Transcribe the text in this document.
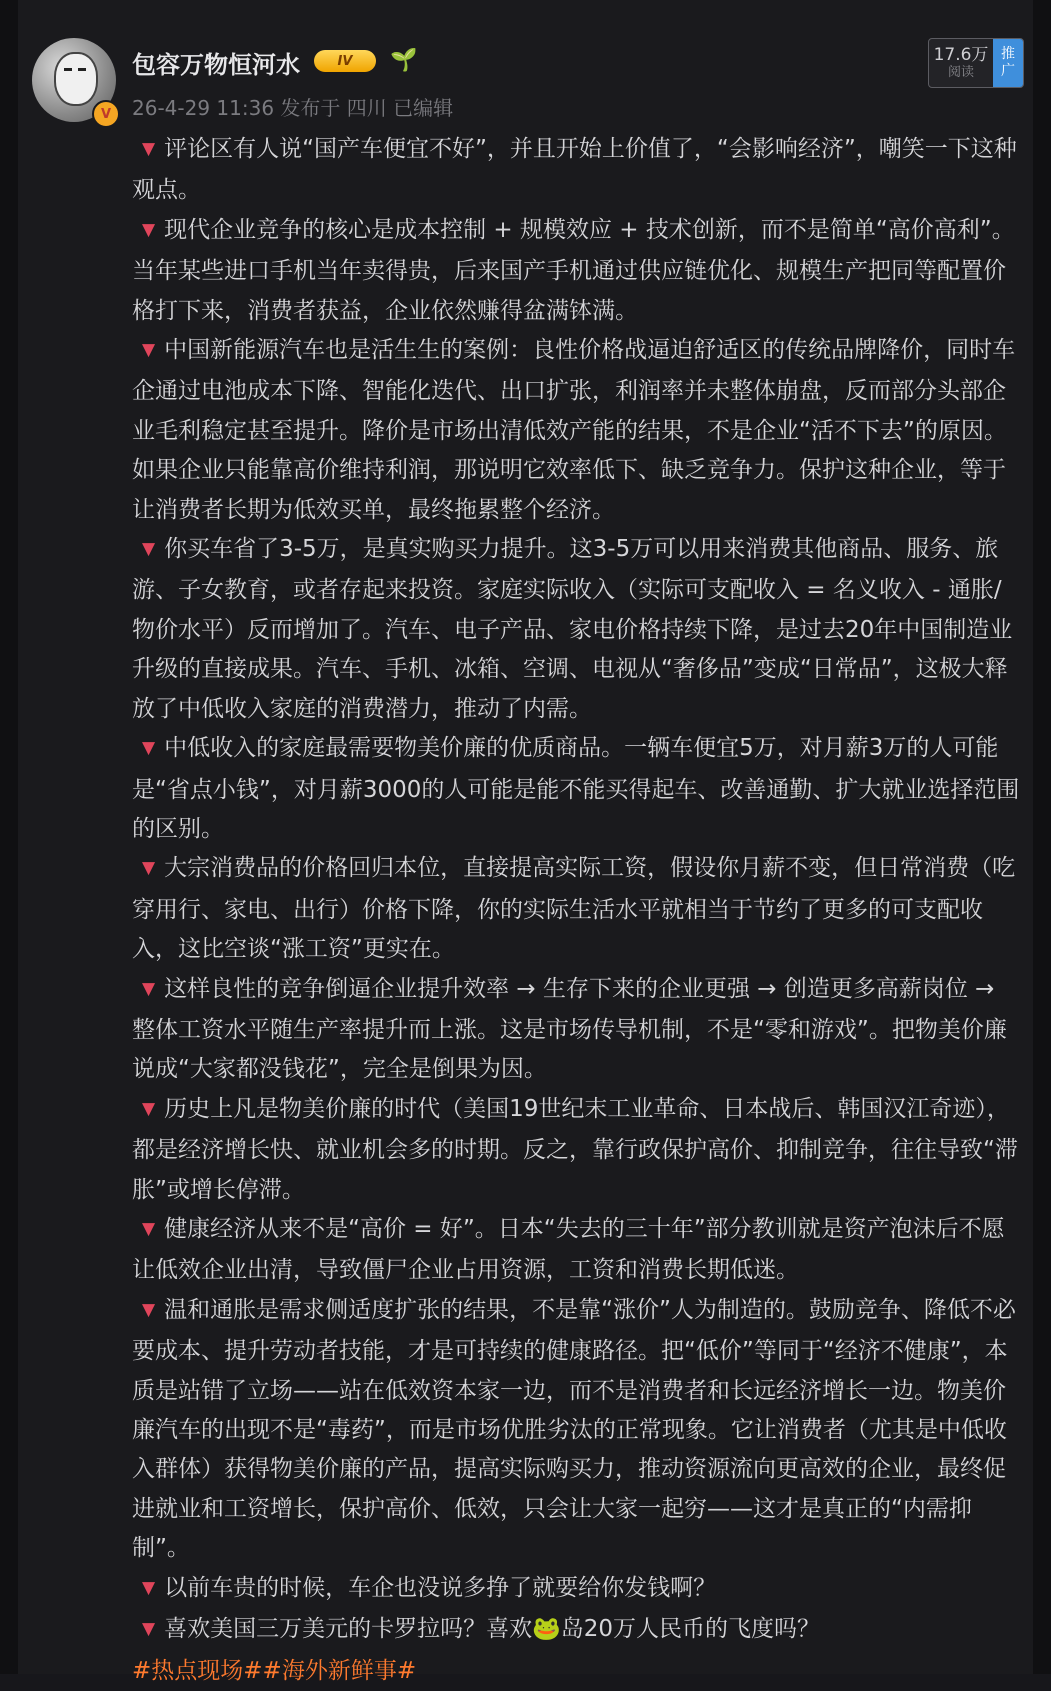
V
包容万物恒河水	IV 🌱
26-4-29 11:36 发布于 四川 已编辑
17.6万
阅读
推广
▼ 评论区有人说“国产车便宜不好”，并且开始上价值了，“会影响经济”，嘲笑一下这种观点。
▼ 现代企业竞争的核心是成本控制 + 规模效应 + 技术创新，而不是简单“高价高利”。当年某些进口手机当年卖得贵，后来国产手机通过供应链优化、规模生产把同等配置价格打下来，消费者获益，企业依然赚得盆满钵满。
▼ 中国新能源汽车也是活生生的案例：良性价格战逼迫舒适区的传统品牌降价，同时车企通过电池成本下降、智能化迭代、出口扩张，利润率并未整体崩盘，反而部分头部企业毛利稳定甚至提升。降价是市场出清低效产能的结果，不是企业“活不下去”的原因。如果企业只能靠高价维持利润，那说明它效率低下、缺乏竞争力。保护这种企业，等于让消费者长期为低效买单，最终拖累整个经济。
▼ 你买车省了3-5万，是真实购买力提升。这3-5万可以用来消费其他商品、服务、旅游、子女教育，或者存起来投资。家庭实际收入（实际可支配收入 = 名义收入 - 通胀/物价水平）反而增加了。汽车、电子产品、家电价格持续下降，是过去20年中国制造业升级的直接成果。汽车、手机、冰箱、空调、电视从“奢侈品”变成“日常品”，这极大释放了中低收入家庭的消费潜力，推动了内需。
▼ 中低收入的家庭最需要物美价廉的优质商品。一辆车便宜5万，对月薪3万的人可能是“省点小钱”，对月薪3000的人可能是能不能买得起车、改善通勤、扩大就业选择范围的区别。
▼ 大宗消费品的价格回归本位，直接提高实际工资，假设你月薪不变，但日常消费（吃穿用行、家电、出行）价格下降，你的实际生活水平就相当于节约了更多的可支配收入，这比空谈“涨工资”更实在。
▼ 这样良性的竞争倒逼企业提升效率 → 生存下来的企业更强 → 创造更多高薪岗位 → 整体工资水平随生产率提升而上涨。这是市场传导机制，不是“零和游戏”。把物美价廉说成“大家都没钱花”，完全是倒果为因。
▼ 历史上凡是物美价廉的时代（美国19世纪末工业革命、日本战后、韩国汉江奇迹），都是经济增长快、就业机会多的时期。反之，靠行政保护高价、抑制竞争，往往导致“滞胀”或增长停滞。
▼ 健康经济从来不是“高价 = 好”。日本“失去的三十年”部分教训就是资产泡沫后不愿让低效企业出清，导致僵尸企业占用资源，工资和消费长期低迷。
▼ 温和通胀是需求侧适度扩张的结果，不是靠“涨价”人为制造的。鼓励竞争、降低不必要成本、提升劳动者技能，才是可持续的健康路径。把“低价”等同于“经济不健康”，本质是站错了立场——站在低效资本家一边，而不是消费者和长远经济增长一边。物美价廉汽车的出现不是“毒药”，而是市场优胜劣汰的正常现象。它让消费者（尤其是中低收入群体）获得物美价廉的产品，提高实际购买力，推动资源流向更高效的企业，最终促进就业和工资增长，保护高价、低效，只会让大家一起穷——这才是真正的“内需抑制”。
▼ 以前车贵的时候，车企也没说多挣了就要给你发钱啊？
▼ 喜欢美国三万美元的卡罗拉吗？喜欢🐸岛20万人民币的飞度吗？
#热点现场##海外新鲜事#
